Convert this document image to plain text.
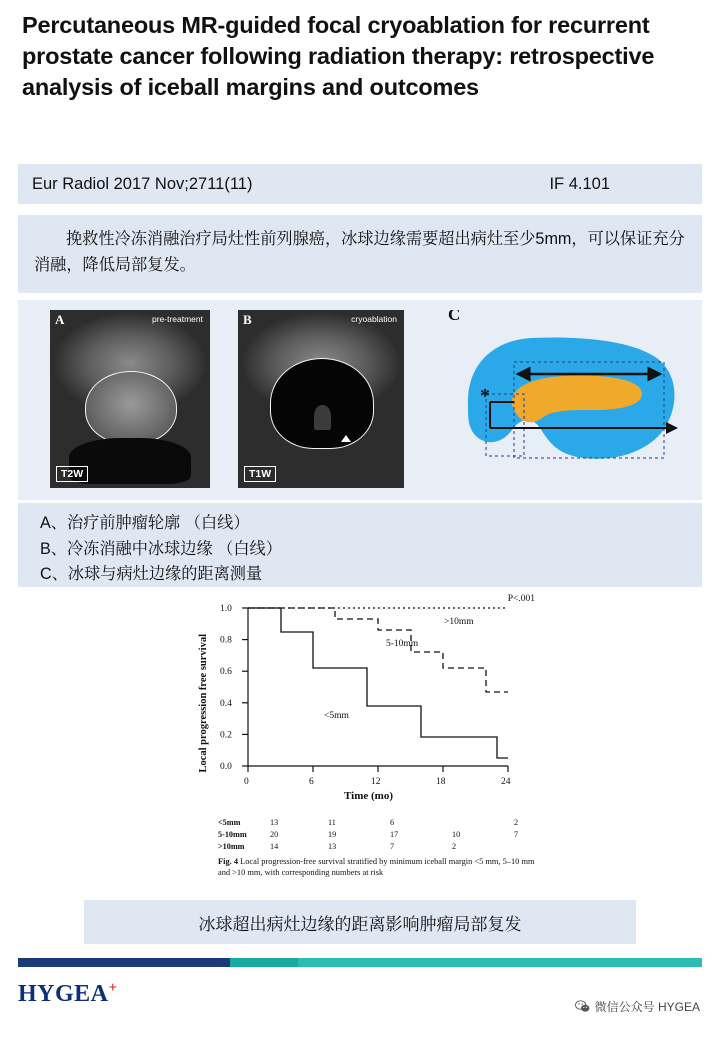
Percutaneous MR-guided focal cryoablation for recurrent prostate cancer following radiation therapy: retrospective analysis of iceball margins and outcomes
Eur Radiol 2017 Nov;2711(11)	IF 4.101
挽救性冷冻消融治疗局灶性前列腺癌，冰球边缘需要超出病灶至少5mm，可以保证充分消融，降低局部复发。
A	pre-treatment
T2W
B	cryoablation
T1W
C
*
A、治疗前肿瘤轮廓 （白线）
B、冷冻消融中冰球边缘 （白线）
C、冰球与病灶边缘的距离测量
P<.001
Local progression free survival
Time (mo)
0.0
0.2
0.4
0.6
0.8
1.0
0	6	12	18	24
>10mm
5-10mm
<5mm
<5mm	13	11	6		2
5-10mm	20	19	17	10	7
>10mm	14	13	7	2	
Fig. 4 Local progression-free survival stratified by minimum iceball margin <5 mm, 5–10 mm and >10 mm, with corresponding numbers at risk
冰球超出病灶边缘的距离影响肿瘤局部复发
HYGEA+
微信公众号 HYGEA
